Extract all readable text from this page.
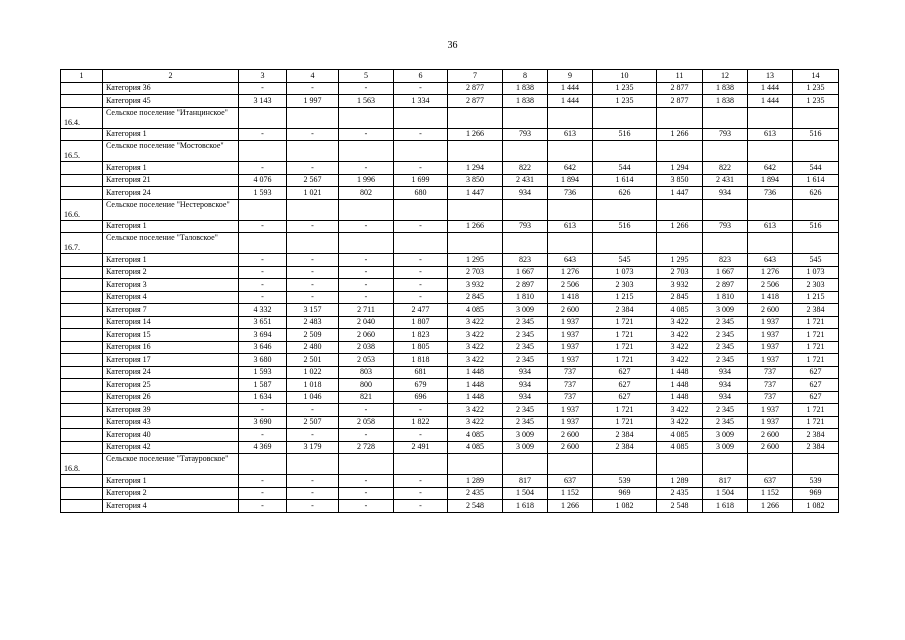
36
1	2	3	4	5	6	7	8	9	10	11	12	13	14
	Категория 36	-	-	-	-	2 877	1 838	1 444	1 235	2 877	1 838	1 444	1 235
	Категория 45	3 143	1 997	1 563	1 334	2 877	1 838	1 444	1 235	2 877	1 838	1 444	1 235
16.4.	Сельское поселение "Итанцинское"												
	Категория 1	-	-	-	-	1 266	793	613	516	1 266	793	613	516
16.5.	Сельское поселение "Мостовское"												
	Категория 1	-	-	-	-	1 294	822	642	544	1 294	822	642	544
	Категория 21	4 076	2 567	1 996	1 699	3 850	2 431	1 894	1 614	3 850	2 431	1 894	1 614
	Категория 24	1 593	1 021	802	680	1 447	934	736	626	1 447	934	736	626
16.6.	Сельское поселение "Нестеровское"												
	Категория 1	-	-	-	-	1 266	793	613	516	1 266	793	613	516
16.7.	Сельское поселение "Таловское"												
	Категория 1	-	-	-	-	1 295	823	643	545	1 295	823	643	545
	Категория 2	-	-	-	-	2 703	1 667	1 276	1 073	2 703	1 667	1 276	1 073
	Категория 3	-	-	-	-	3 932	2 897	2 506	2 303	3 932	2 897	2 506	2 303
	Категория 4	-	-	-	-	2 845	1 810	1 418	1 215	2 845	1 810	1 418	1 215
	Категория 7	4 332	3 157	2 711	2 477	4 085	3 009	2 600	2 384	4 085	3 009	2 600	2 384
	Категория 14	3 651	2 483	2 040	1 807	3 422	2 345	1 937	1 721	3 422	2 345	1 937	1 721
	Категория 15	3 694	2 509	2 060	1 823	3 422	2 345	1 937	1 721	3 422	2 345	1 937	1 721
	Категория 16	3 646	2 480	2 038	1 805	3 422	2 345	1 937	1 721	3 422	2 345	1 937	1 721
	Категория 17	3 680	2 501	2 053	1 818	3 422	2 345	1 937	1 721	3 422	2 345	1 937	1 721
	Категория 24	1 593	1 022	803	681	1 448	934	737	627	1 448	934	737	627
	Категория 25	1 587	1 018	800	679	1 448	934	737	627	1 448	934	737	627
	Категория 26	1 634	1 046	821	696	1 448	934	737	627	1 448	934	737	627
	Категория 39	-	-	-	-	3 422	2 345	1 937	1 721	3 422	2 345	1 937	1 721
	Категория 43	3 690	2 507	2 058	1 822	3 422	2 345	1 937	1 721	3 422	2 345	1 937	1 721
	Категория 40	-	-	-	-	4 085	3 009	2 600	2 384	4 085	3 009	2 600	2 384
	Категория 42	4 369	3 179	2 728	2 491	4 085	3 009	2 600	2 384	4 085	3 009	2 600	2 384
16.8.	Сельское поселение "Татауровское"												
	Категория 1	-	-	-	-	1 289	817	637	539	1 289	817	637	539
	Категория 2	-	-	-	-	2 435	1 504	1 152	969	2 435	1 504	1 152	969
	Категория 4	-	-	-	-	2 548	1 618	1 266	1 082	2 548	1 618	1 266	1 082
